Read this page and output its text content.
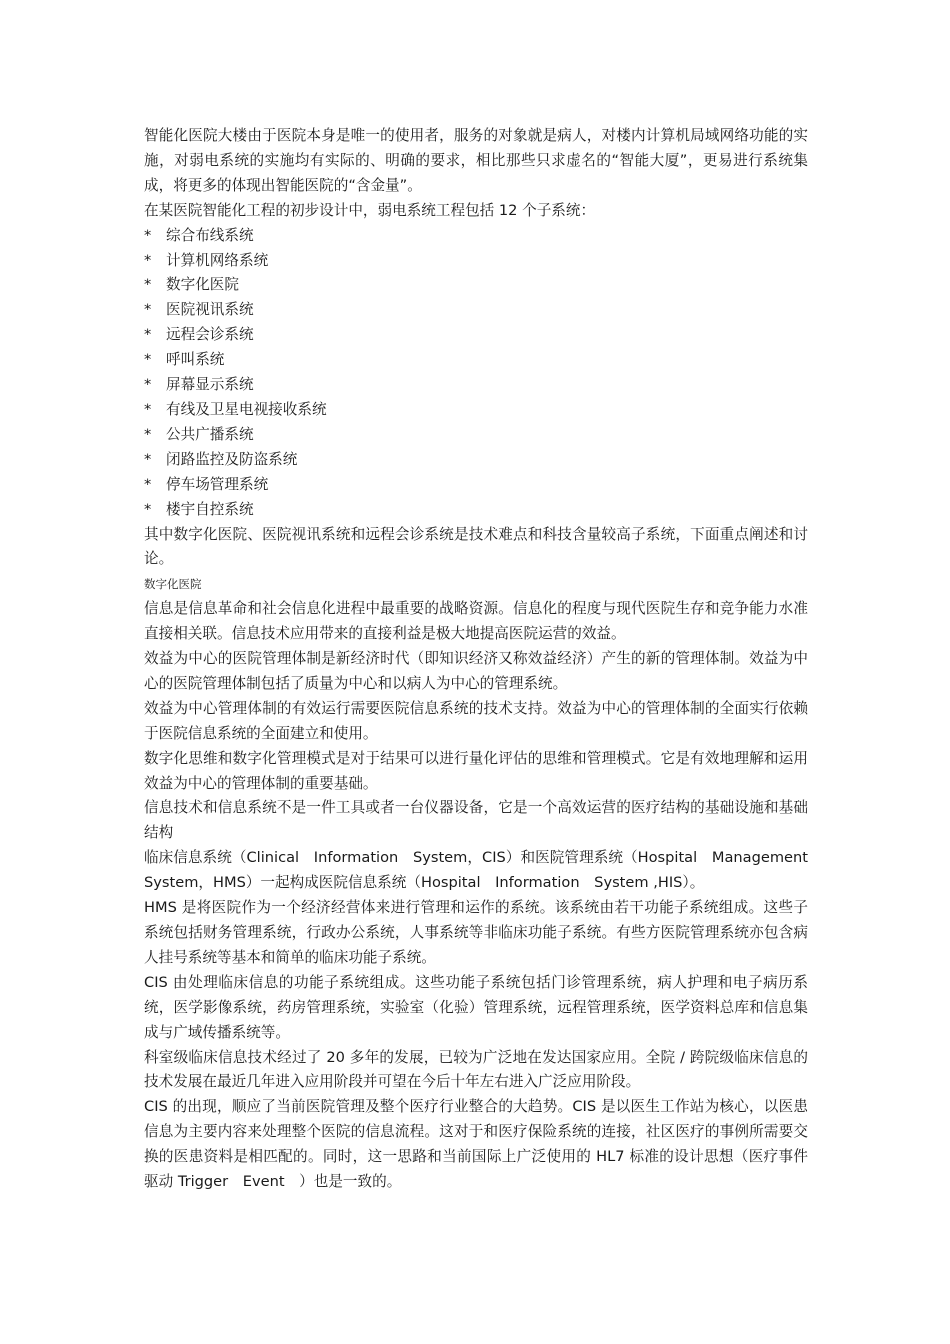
智能化医院大楼由于医院本身是唯一的使用者，服务的对象就是病人，对楼内计算机局域网络功能的实施，对弱电系统的实施均有实际的、明确的要求，相比那些只求虚名的“智能大厦”，更易进行系统集成，将更多的体现出智能医院的“含金量”。

在某医院智能化工程的初步设计中，弱电系统工程包括 12 个子系统：

*	综合布线系统
*	计算机网络系统
*	数字化医院
*	医院视讯系统
*	远程会诊系统
*	呼叫系统
*	屏幕显示系统
*	有线及卫星电视接收系统
*	公共广播系统
*	闭路监控及防盗系统
*	停车场管理系统
*	楼宇自控系统

其中数字化医院、医院视讯系统和远程会诊系统是技术难点和科技含量较高子系统，下面重点阐述和讨论。

数字化医院

信息是信息革命和社会信息化进程中最重要的战略资源。信息化的程度与现代医院生存和竞争能力水准直接相关联。信息技术应用带来的直接利益是极大地提高医院运营的效益。

效益为中心的医院管理体制是新经济时代（即知识经济又称效益经济）产生的新的管理体制。效益为中心的医院管理体制包括了质量为中心和以病人为中心的管理系统。

效益为中心管理体制的有效运行需要医院信息系统的技术支持。效益为中心的管理体制的全面实行依赖于医院信息系统的全面建立和使用。

数字化思维和数字化管理模式是对于结果可以进行量化评估的思维和管理模式。它是有效地理解和运用效益为中心的管理体制的重要基础。

信息技术和信息系统不是一件工具或者一台仪器设备，它是一个高效运营的医疗结构的基础设施和基础结构

临床信息系统（Clinical　Information　System，CIS）和医院管理系统（Hospital　Management　System，HMS）一起构成医院信息系统（Hospital　Information　System ,HIS）。

HMS 是将医院作为一个经济经营体来进行管理和运作的系统。该系统由若干功能子系统组成。这些子系统包括财务管理系统，行政办公系统，人事系统等非临床功能子系统。有些方医院管理系统亦包含病人挂号系统等基本和简单的临床功能子系统。

CIS 由处理临床信息的功能子系统组成。这些功能子系统包括门诊管理系统，病人护理和电子病历系统，医学影像系统，药房管理系统，实验室（化验）管理系统，远程管理系统，医学资料总库和信息集成与广域传播系统等。

科室级临床信息技术经过了 20 多年的发展，已较为广泛地在发达国家应用。全院 / 跨院级临床信息的技术发展在最近几年进入应用阶段并可望在今后十年左右进入广泛应用阶段。

CIS 的出现，顺应了当前医院管理及整个医疗行业整合的大趋势。CIS 是以医生工作站为核心，以医患信息为主要内容来处理整个医院的信息流程。这对于和医疗保险系统的连接，社区医疗的事例所需要交换的医患资料是相匹配的。同时，这一思路和当前国际上广泛使用的 HL7 标准的设计思想（医疗事件驱动 Trigger　Event　）也是一致的。
